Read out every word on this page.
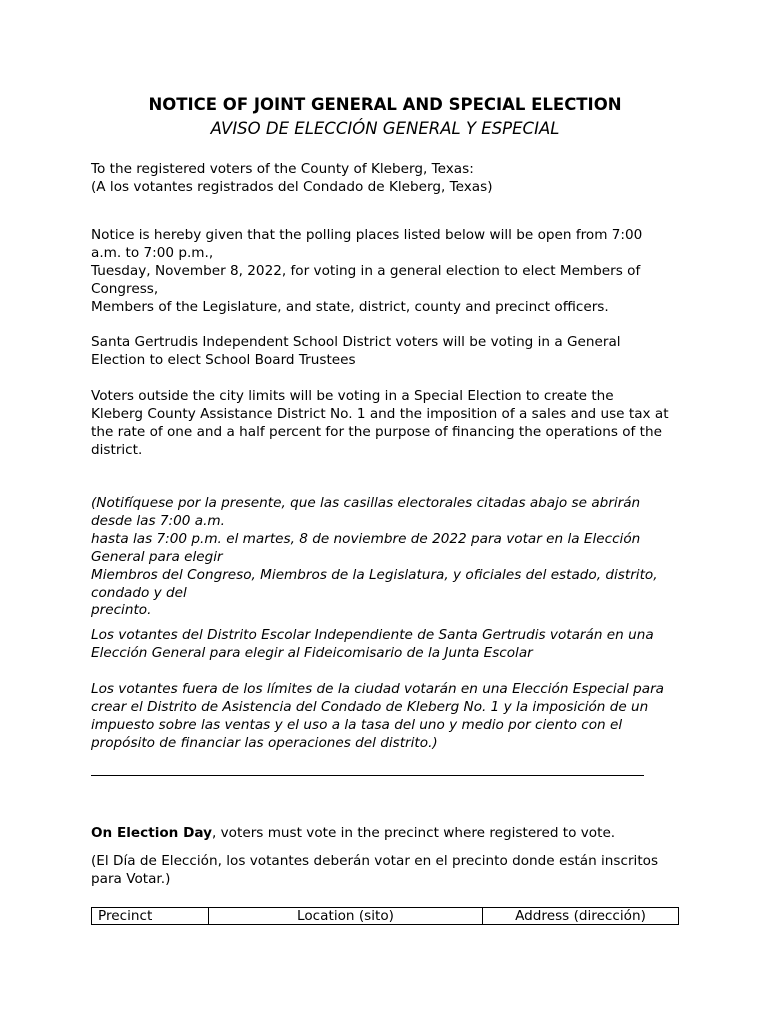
NOTICE OF JOINT GENERAL AND SPECIAL ELECTION
AVISO DE ELECCIÓN GENERAL Y ESPECIAL
To the registered voters of the County of Kleberg, Texas:
(A los votantes registrados del Condado de Kleberg, Texas)
Notice is hereby given that the polling places listed below will be open from 7:00
a.m. to 7:00 p.m.,
Tuesday, November 8, 2022, for voting in a general election to elect Members of
Congress,
Members of the Legislature, and state, district, county and precinct officers.
Santa Gertrudis Independent School District voters will be voting in a General
Election to elect School Board Trustees
Voters outside the city limits will be voting in a Special Election to create the
Kleberg County Assistance District No. 1 and the imposition of a sales and use tax at
the rate of one and a half percent for the purpose of financing the operations of the
district.
(Notifíquese por la presente, que las casillas electorales citadas abajo se abrirán
desde las 7:00 a.m.
hasta las 7:00 p.m. el martes, 8 de noviembre de 2022 para votar en la Elección
General para elegir
Miembros del Congreso, Miembros de la Legislatura, y oficiales del estado, distrito,
condado y del
precinto.
Los votantes del Distrito Escolar Independiente de Santa Gertrudis votarán en una
Elección General para elegir al Fideicomisario de la Junta Escolar
Los votantes fuera de los límites de la ciudad votarán en una Elección Especial para
crear el Distrito de Asistencia del Condado de Kleberg No. 1 y la imposición de un
impuesto sobre las ventas y el uso a la tasa del uno y medio por ciento con el
propósito de financiar las operaciones del distrito.)
On Election Day, voters must vote in the precinct where registered to vote.
(El Día de Elección, los votantes deberán votar en el precinto donde están inscritos
para Votar.)
Precinct	Location (sito)	Address (dirección)
